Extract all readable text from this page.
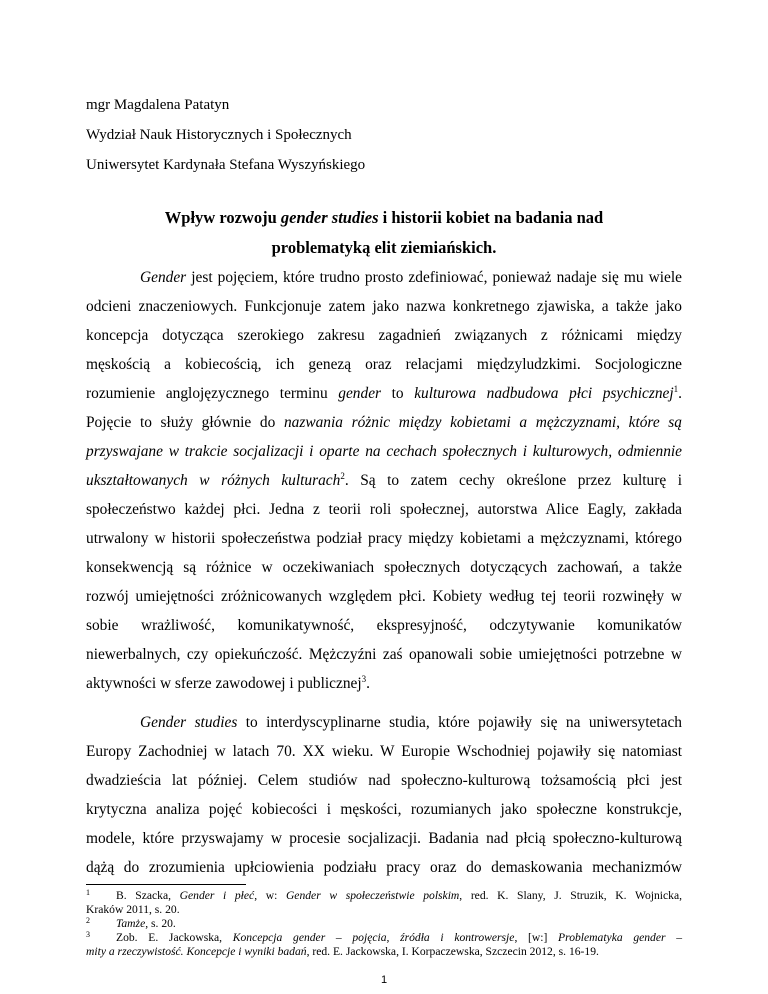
mgr Magdalena Patatyn

Wydział Nauk Historycznych i Społecznych

Uniwersytet Kardynała Stefana Wyszyńskiego

Wpływ rozwoju gender studies i historii kobiet na badania nad

problematyką elit ziemiańskich.

Gender jest pojęciem, które trudno prosto zdefiniować, ponieważ nadaje się mu wiele

odcieni znaczeniowych. Funkcjonuje zatem jako nazwa konkretnego zjawiska, a także jako

koncepcja dotycząca szerokiego zakresu zagadnień związanych z różnicami między

męskością a kobiecością, ich genezą oraz relacjami międzyludzkimi. Socjologiczne

rozumienie anglojęzycznego terminu gender to kulturowa nadbudowa płci psychicznej$^1$.

Pojęcie to służy głównie do nazwania różnic między kobietami a mężczyznami, które są

przyswajane w trakcie socjalizacji i oparte na cechach społecznych i kulturowych, odmiennie

ukształtowanych w różnych kulturach$^2$. Są to zatem cechy określone przez kulturę i

społeczeństwo każdej płci. Jedna z teorii roli społecznej, autorstwa Alice Eagly, zakłada

utrwalony w historii społeczeństwa podział pracy między kobietami a mężczyznami, którego

konsekwencją są różnice w oczekiwaniach społecznych dotyczących zachowań, a także

rozwój umiejętności zróżnicowanych względem płci. Kobiety według tej teorii rozwinęły w

sobie wrażliwość, komunikatywność, ekspresyjność, odczytywanie komunikatów

niewerbalnych, czy opiekuńczość. Mężczyźni zaś opanowali sobie umiejętności potrzebne w

aktywności w sferze zawodowej i publicznej$^3$.

Gender studies to interdyscyplinarne studia, które pojawiły się na uniwersytetach

Europy Zachodniej w latach 70. XX wieku. W Europie Wschodniej pojawiły się natomiast

dwadzieścia lat później. Celem studiów nad społeczno-kulturową tożsamością płci jest

krytyczna analiza pojęć kobiecości i męskości, rozumianych jako społeczne konstrukcje,

modele, które przyswajamy w procesie socjalizacji. Badania nad płcią społeczno-kulturową

dążą do zrozumienia upłciowienia podziału pracy oraz do demaskowania mechanizmów

1 B. Szacka, Gender i płeć, w: Gender w społeczeństwie polskim, red. K. Slany, J. Struzik, K. Wojnicka,

Kraków 2011, s. 20.

2 Tamże, s. 20.

3 Zob. E. Jackowska, Koncepcja gender – pojęcia, źródła i kontrowersje, [w:] Problematyka gender –

mity a rzeczywistość. Koncepcje i wyniki badań, red. E. Jackowska, I. Korpaczewska, Szczecin 2012, s. 16-19.

1
